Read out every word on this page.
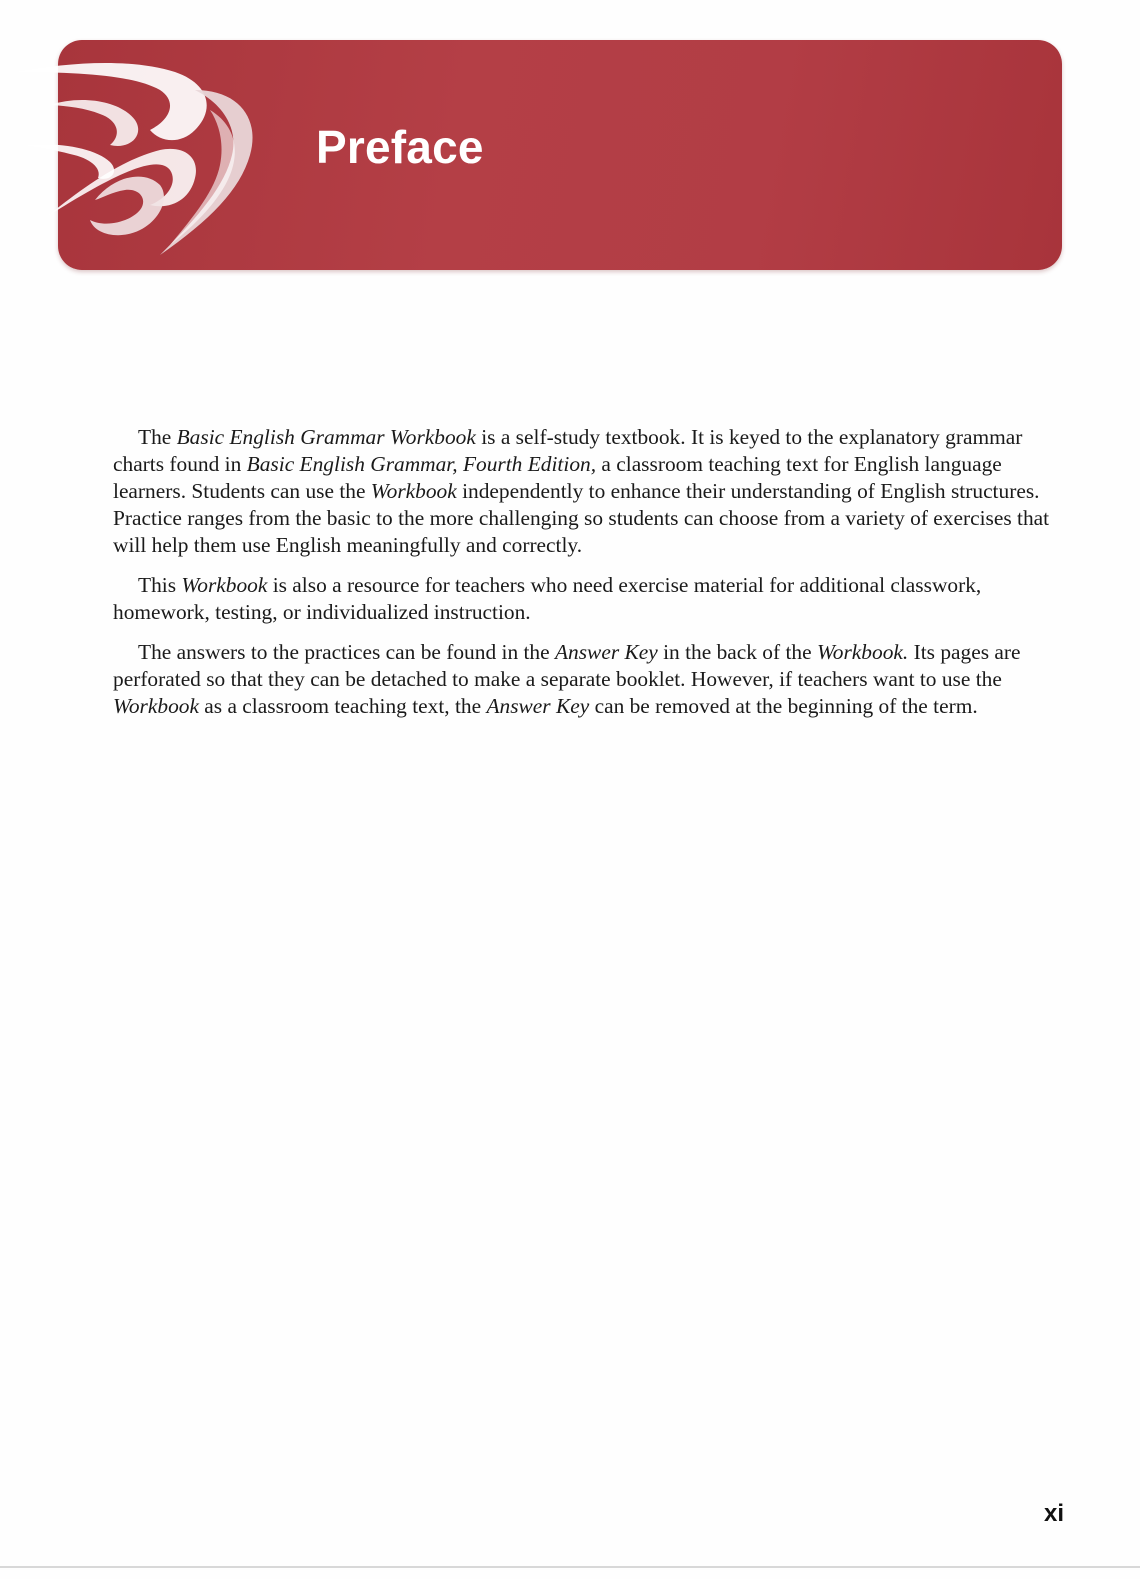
Preface

The Basic English Grammar Workbook is a self-study textbook. It is keyed to the explanatory grammar charts found in Basic English Grammar, Fourth Edition, a classroom teaching text for English language learners. Students can use the Workbook independently to enhance their understanding of English structures. Practice ranges from the basic to the more challenging so students can choose from a variety of exercises that will help them use English meaningfully and correctly.

This Workbook is also a resource for teachers who need exercise material for additional classwork, homework, testing, or individualized instruction.

The answers to the practices can be found in the Answer Key in the back of the Workbook. Its pages are perforated so that they can be detached to make a separate booklet. However, if teachers want to use the Workbook as a classroom teaching text, the Answer Key can be removed at the beginning of the term.

xi
